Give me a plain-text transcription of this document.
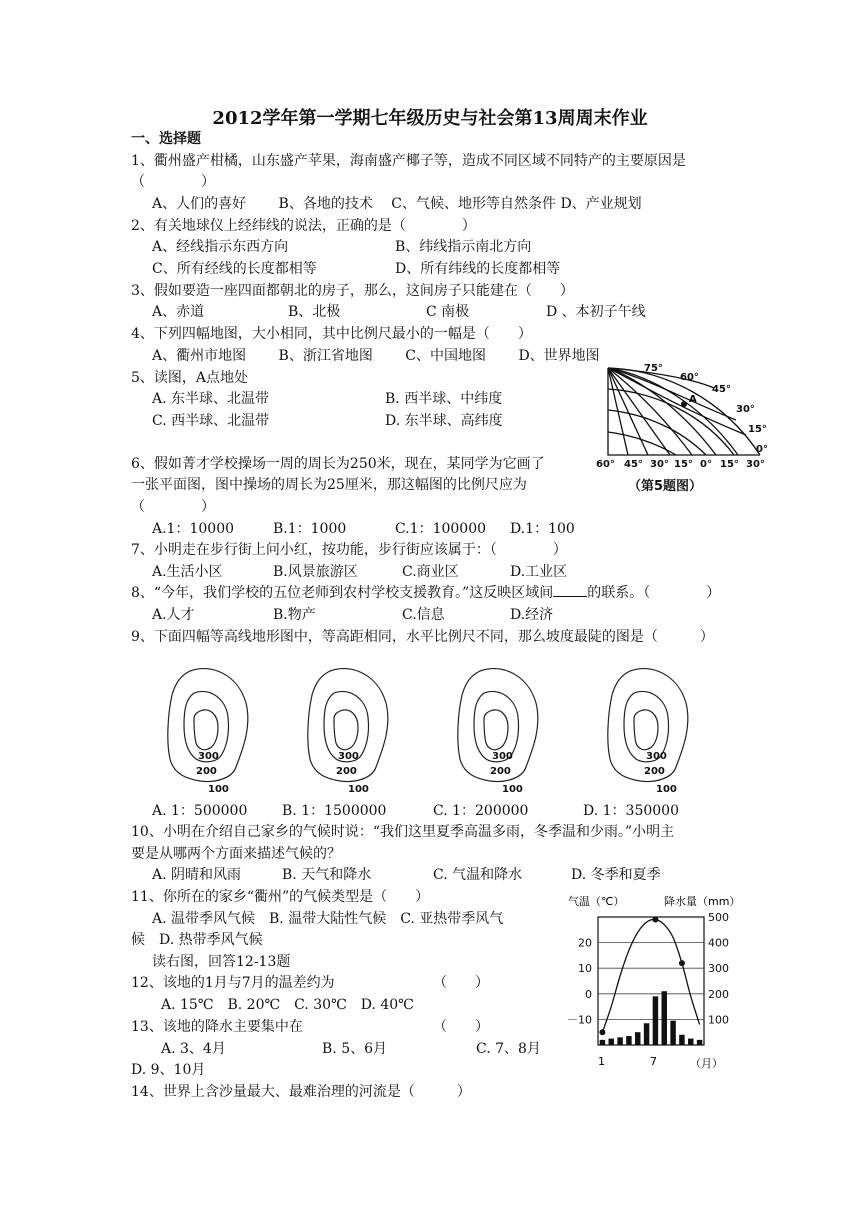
2012学年第一学期七年级历史与社会第13周周末作业
一、选择题
1、衢州盛产柑橘，山东盛产苹果，海南盛产椰子等，造成不同区域不同特产的主要原因是
（　　　　）
A、人们的喜好　　 B、各地的技术　 C、气候、地形等自然条件 D、产业规划
2、有关地球仪上经纬线的说法，正确的是（　　　　）
A、经线指示东西方向	B、纬线指示南北方向
C、所有经线的长度都相等	D、所有纬线的长度都相等
3、假如要造一座四面都朝北的房子，那么，这间房子只能建在（　　）
A、赤道	B、北极	C 南极	D 、本初子午线
4、下列四幅地图，大小相同，其中比例尺最小的一幅是（　　）
A、衢州市地图　　 B、浙江省地图　　 C、中国地图　　 D、世界地图
5、读图，A点地处
A. 东半球、北温带	B. 西半球、中纬度
C. 西半球、北温带	D. 东半球、高纬度
A
75°
60°
45°
30°
15°
0°
60° 45° 30° 15° 0° 15° 30°
（第5题图）
6、假如菁才学校操场一周的周长为250米，现在，某同学为它画了
一张平面图，图中操场的周长为25厘米，那这幅图的比例尺应为
（　　　　）
A.1：10000	B.1：1000	C.1：100000 D.1：100
7、小明走在步行街上问小红，按功能，步行街应该属于：（　　　　）
A.生活小区	B.风景旅游区	C.商业区	D.工业区
8、“今年，我们学校的五位老师到农村学校支援教育。”这反映区域间 的联系。（　　　　）
A.人才	B.物产	C.信息	D.经济
9、下面四幅等高线地形图中，等高距相同，水平比例尺不同，那么坡度最陡的图是（　　　）
300
200
100
300
200
100
300
200
100
300
200
100
A. 1：500000 B. 1：1500000	C. 1：200000	D. 1：350000
10、小明在介绍自己家乡的气候时说：“我们这里夏季高温多雨，冬季温和少雨。”小明主
要是从哪两个方面来描述气候的？
A. 阴晴和风雨	B. 天气和降水	C. 气温和降水	D. 冬季和夏季
11、你所在的家乡“衢州”的气候类型是（　　）
A. 温带季风气候　B. 温带大陆性气候　C. 亚热带季风气
候　D. 热带季风气候
读右图，回答12-13题
12、该地的1月与7月的温差约为	（　　）
A. 15℃　B. 20℃　C. 30℃　D. 40℃
13、该地的降水主要集中在	（　　）
A. 3、4月	B. 5、6月	C. 7、8月
D. 9、10月
14、世界上含沙量最大、最难治理的河流是（　　　）
气温（℃）	降水量（mm）
20
10
0
－10
500
400
300
200
100
1	7	（月）
